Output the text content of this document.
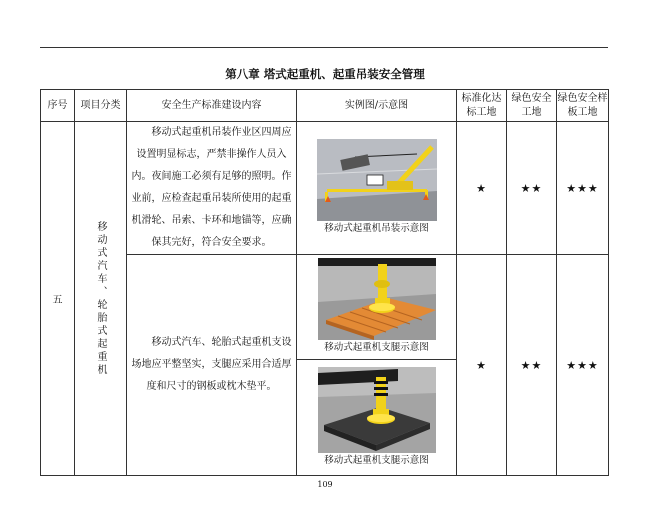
第八章 塔式起重机、起重吊装安全管理
序号	项目分类	安全生产标准建设内容	实例图/示意图	标准化达标工地	绿色安全工地	绿色安全样板工地
五	移动式汽车、轮胎式起重机	移动式起重机吊装作业区四周应设置明显标志，严禁非操作人员入内。夜间施工必须有足够的照明。作业前，应检查起重吊装所使用的起重机滑轮、吊索、卡环和地锚等，应确保其完好，符合安全要求。	移动式起重机吊装示意图	★	★★	★★★
		移动式汽车、轮胎式起重机支设场地应平整坚实，支腿应采用合适厚度和尺寸的钢板或枕木垫平。	移动式起重机支腿示意图	★	★★	★★★

			移动式起重机支腿示意图			
109
